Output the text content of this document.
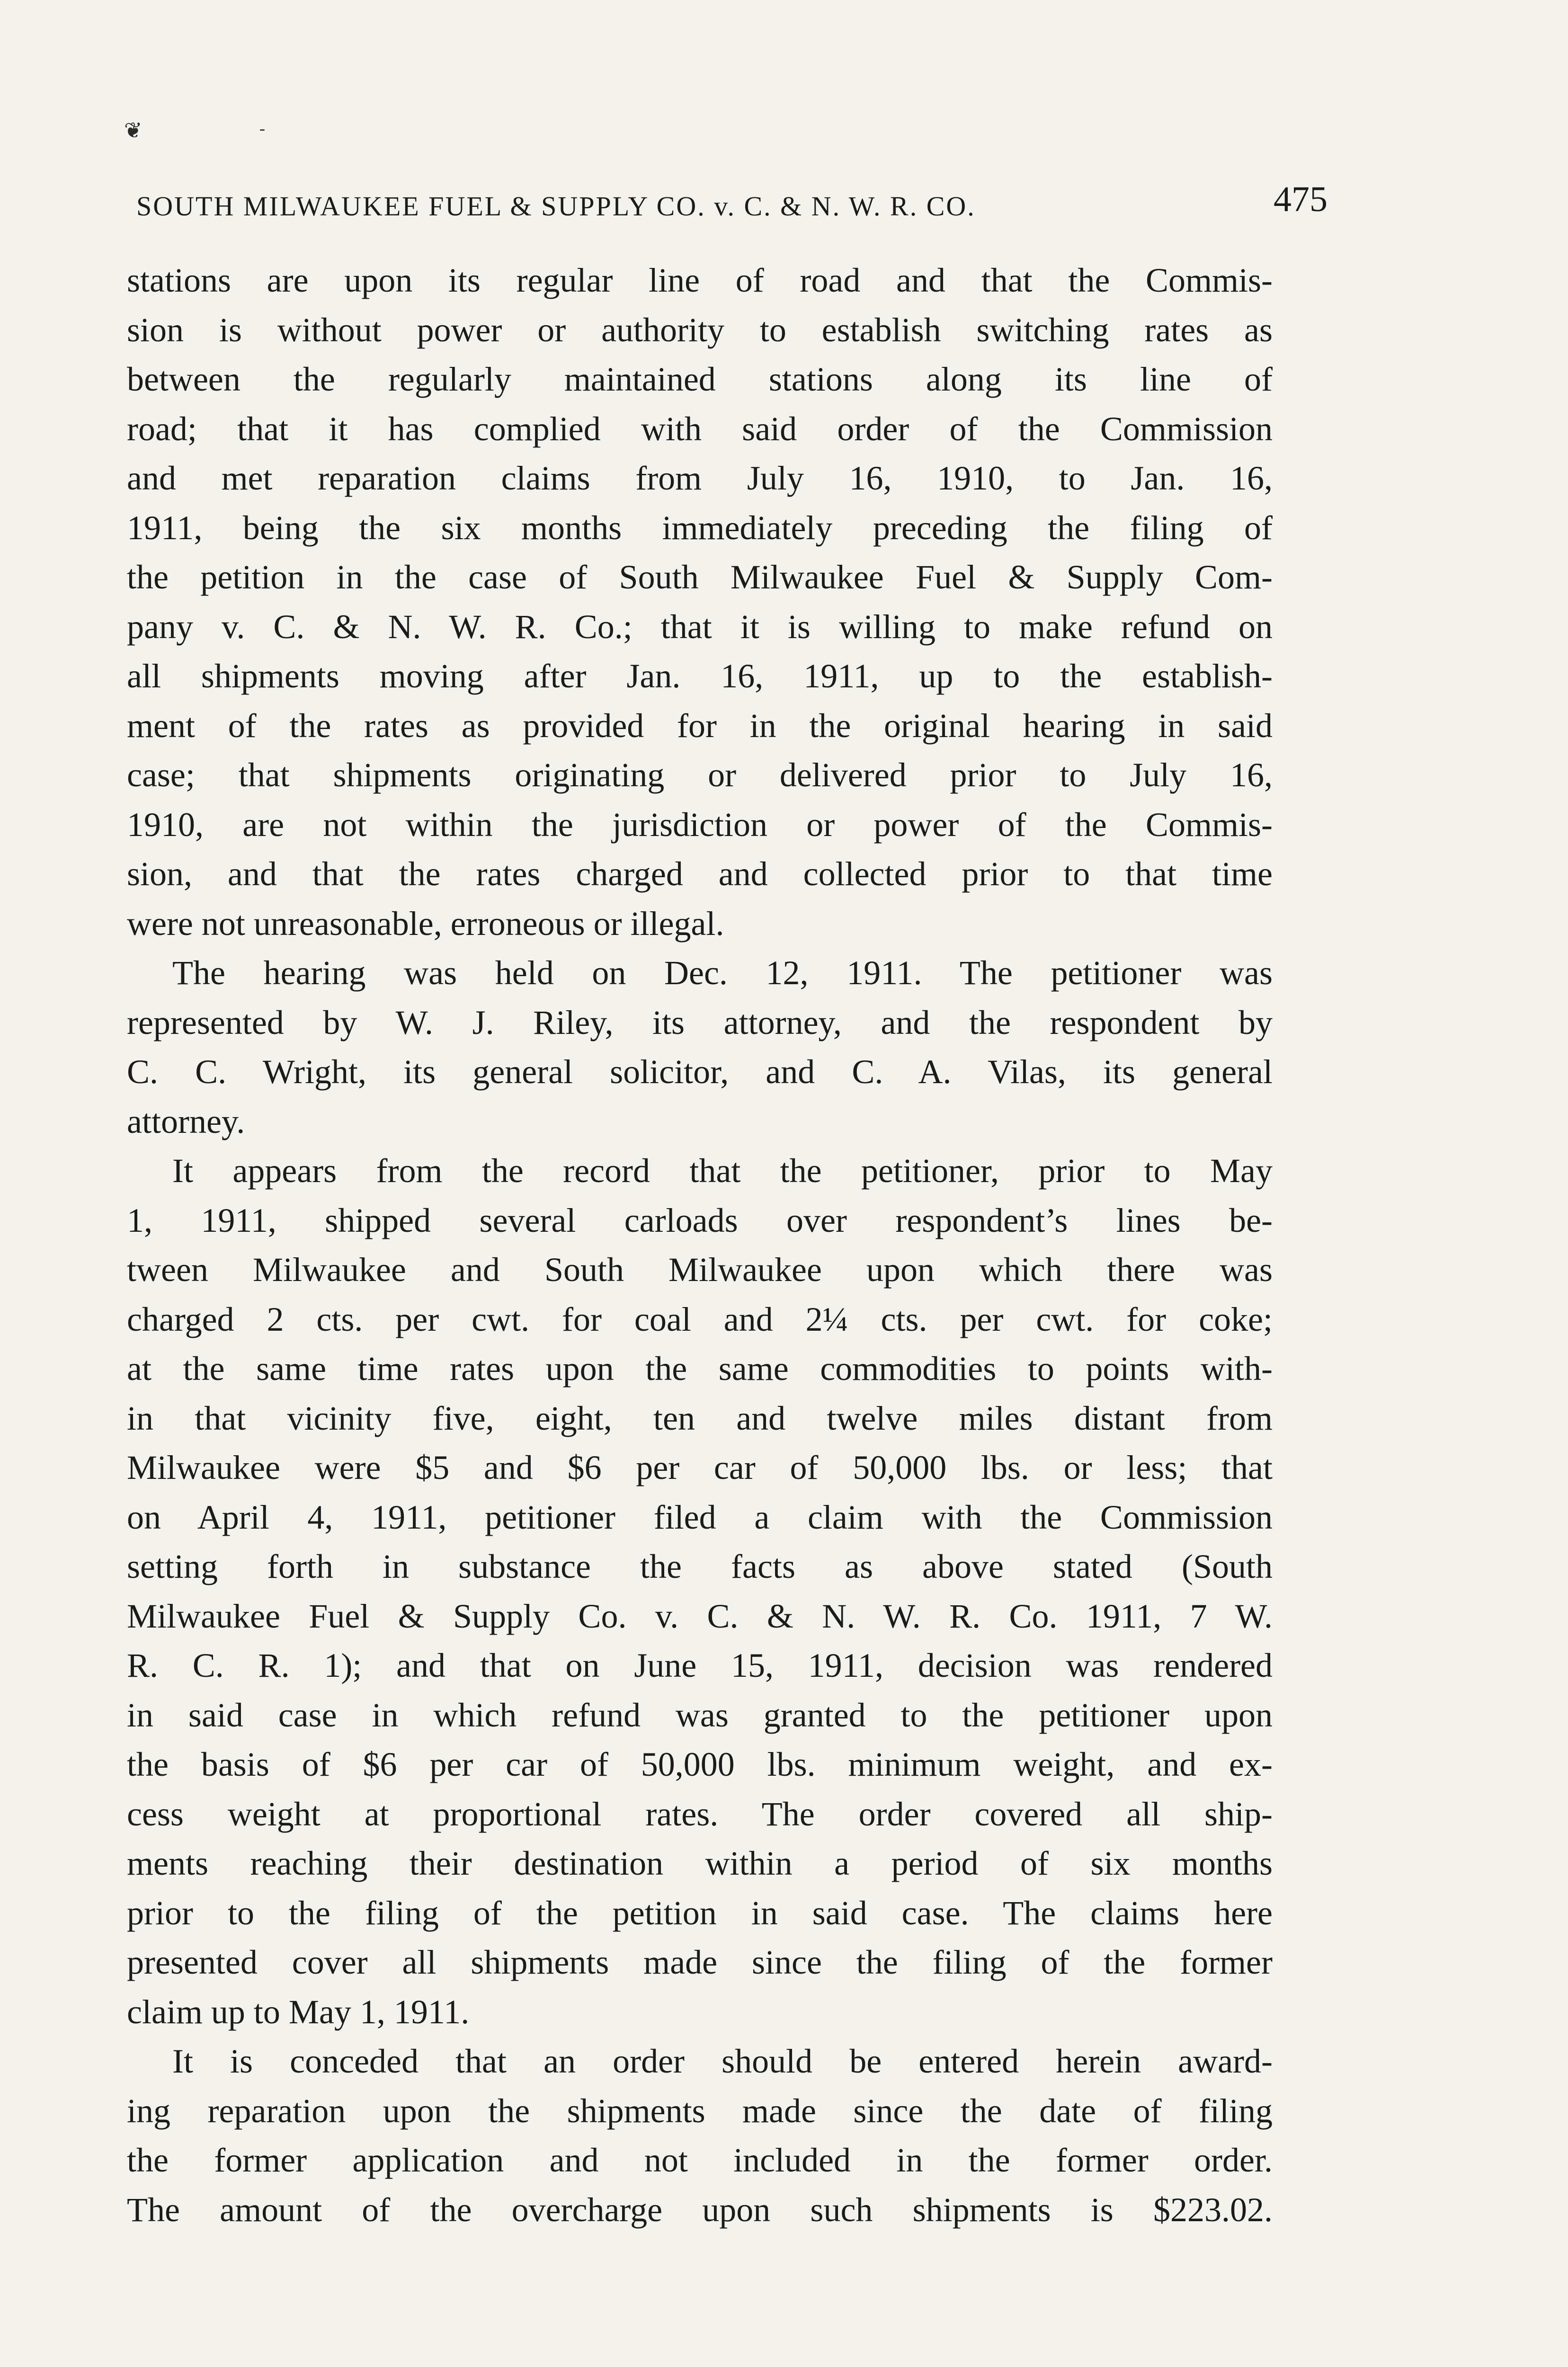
❦	-
SOUTH MILWAUKEE FUEL & SUPPLY CO. v. C. & N. W. R. CO.	475
stations are upon its regular line of road and that the Commis-
sion is without power or authority to establish switching rates as
between the regularly maintained stations along its line of
road; that it has complied with said order of the Commission
and met reparation claims from July 16, 1910, to Jan. 16,
1911, being the six months immediately preceding the filing of
the petition in the case of South Milwaukee Fuel & Supply Com-
pany v. C. & N. W. R. Co.; that it is willing to make refund on
all shipments moving after Jan. 16, 1911, up to the establish-
ment of the rates as provided for in the original hearing in said
case; that shipments originating or delivered prior to July 16,
1910, are not within the jurisdiction or power of the Commis-
sion, and that the rates charged and collected prior to that time
were not unreasonable, erroneous or illegal.
The hearing was held on Dec. 12, 1911. The petitioner was
represented by W. J. Riley, its attorney, and the respondent by
C. C. Wright, its general solicitor, and C. A. Vilas, its general
attorney.
It appears from the record that the petitioner, prior to May
1, 1911, shipped several carloads over respondent’s lines be-
tween Milwaukee and South Milwaukee upon which there was
charged 2 cts. per cwt. for coal and 2¼ cts. per cwt. for coke;
at the same time rates upon the same commodities to points with-
in that vicinity five, eight, ten and twelve miles distant from
Milwaukee were $5 and $6 per car of 50,000 lbs. or less; that
on April 4, 1911, petitioner filed a claim with the Commission
setting forth in substance the facts as above stated (South
Milwaukee Fuel & Supply Co. v. C. & N. W. R. Co. 1911, 7 W.
R. C. R. 1); and that on June 15, 1911, decision was rendered
in said case in which refund was granted to the petitioner upon
the basis of $6 per car of 50,000 lbs. minimum weight, and ex-
cess weight at proportional rates. The order covered all ship-
ments reaching their destination within a period of six months
prior to the filing of the petition in said case. The claims here
presented cover all shipments made since the filing of the former
claim up to May 1, 1911.
It is conceded that an order should be entered herein award-
ing reparation upon the shipments made since the date of filing
the former application and not included in the former order.
The amount of the overcharge upon such shipments is $223.02.
